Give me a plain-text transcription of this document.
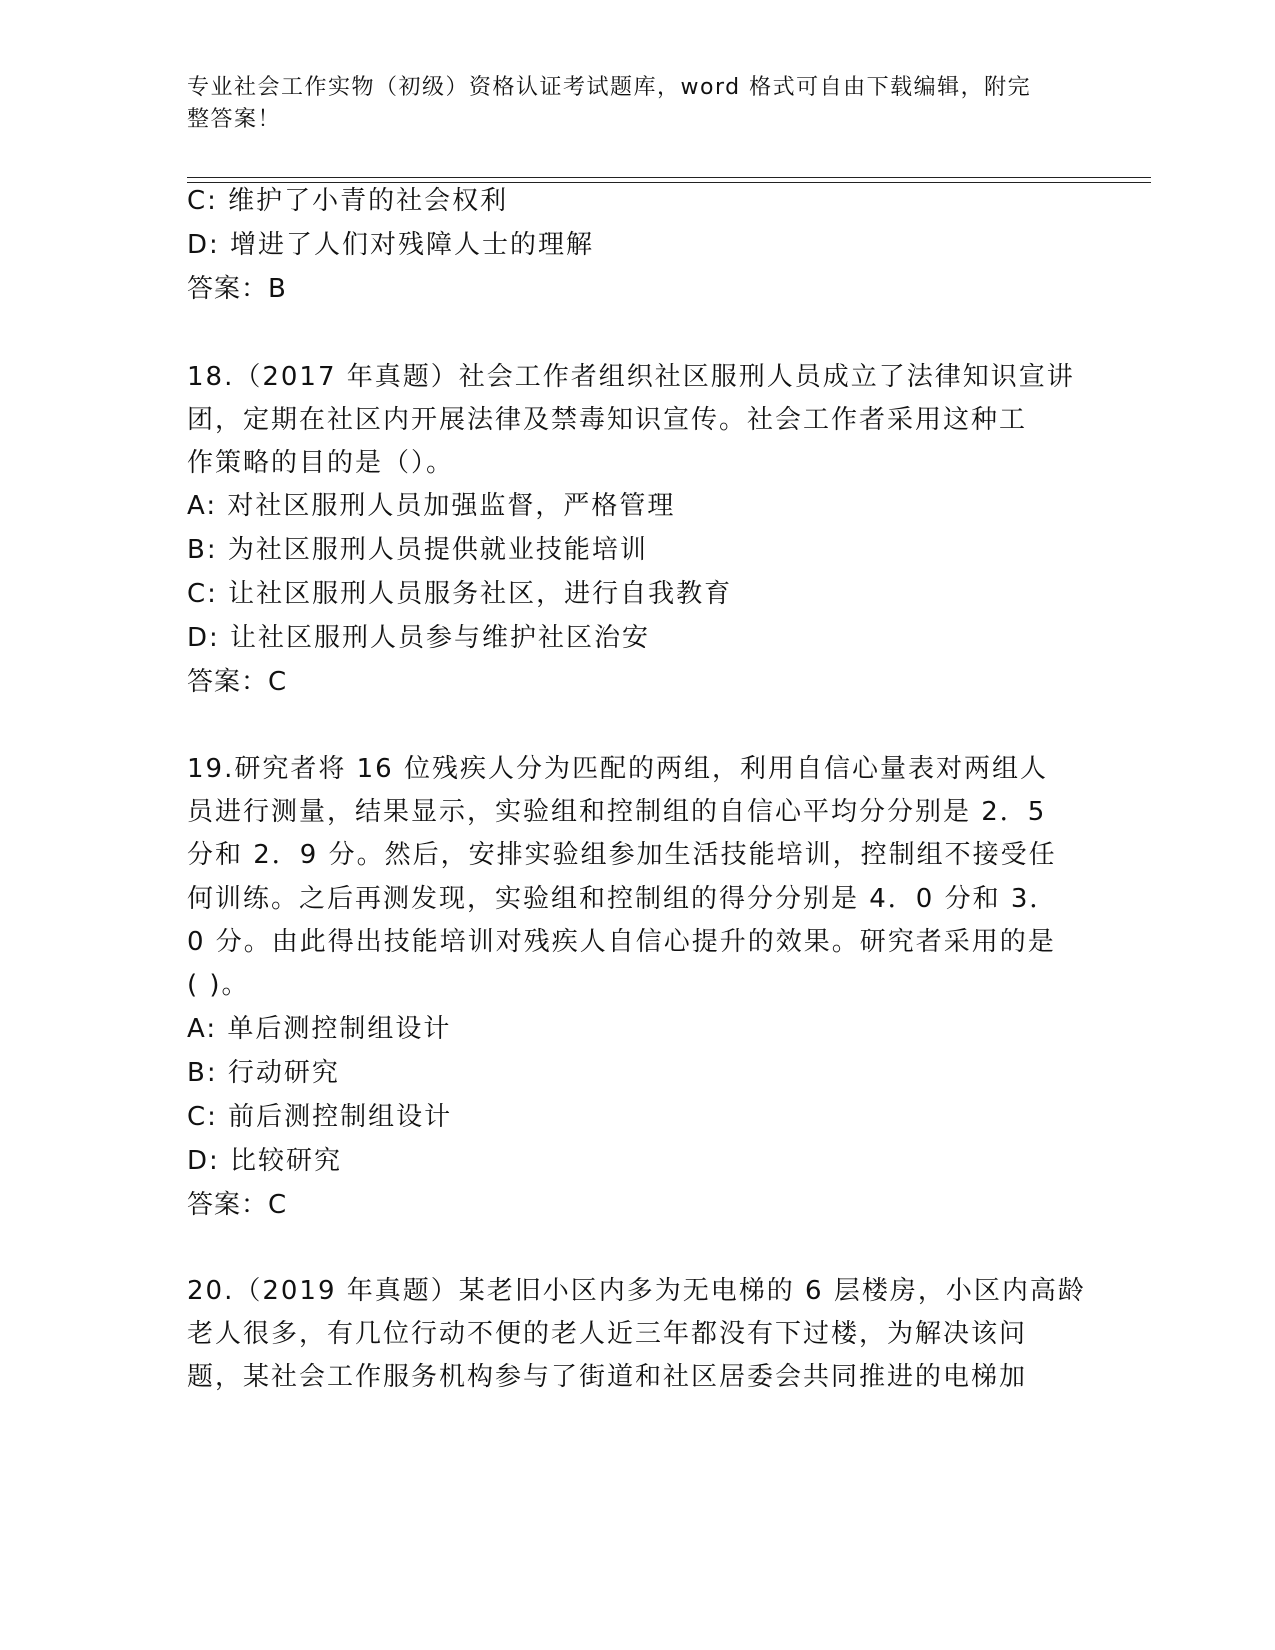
专业社会工作实物（初级）资格认证考试题库，word 格式可自由下载编辑，附完
整答案！
C: 维护了小青的社会权利
D: 增进了人们对残障人士的理解
答案：B
18.（2017 年真题）社会工作者组织社区服刑人员成立了法律知识宣讲
团，定期在社区内开展法律及禁毒知识宣传。社会工作者采用这种工
作策略的目的是（）。
A: 对社区服刑人员加强监督，严格管理
B: 为社区服刑人员提供就业技能培训
C: 让社区服刑人员服务社区，进行自我教育
D: 让社区服刑人员参与维护社区治安
答案：C
19.研究者将 16 位残疾人分为匹配的两组，利用自信心量表对两组人
员进行测量，结果显示，实验组和控制组的自信心平均分分别是 2．5
分和 2．9 分。然后，安排实验组参加生活技能培训，控制组不接受任
何训练。之后再测发现，实验组和控制组的得分分别是 4．0 分和 3．
0 分。由此得出技能培训对残疾人自信心提升的效果。研究者采用的是
( )。
A: 单后测控制组设计
B: 行动研究
C: 前后测控制组设计
D: 比较研究
答案：C
20.（2019 年真题）某老旧小区内多为无电梯的 6 层楼房，小区内高龄
老人很多，有几位行动不便的老人近三年都没有下过楼，为解决该问
题，某社会工作服务机构参与了街道和社区居委会共同推进的电梯加
